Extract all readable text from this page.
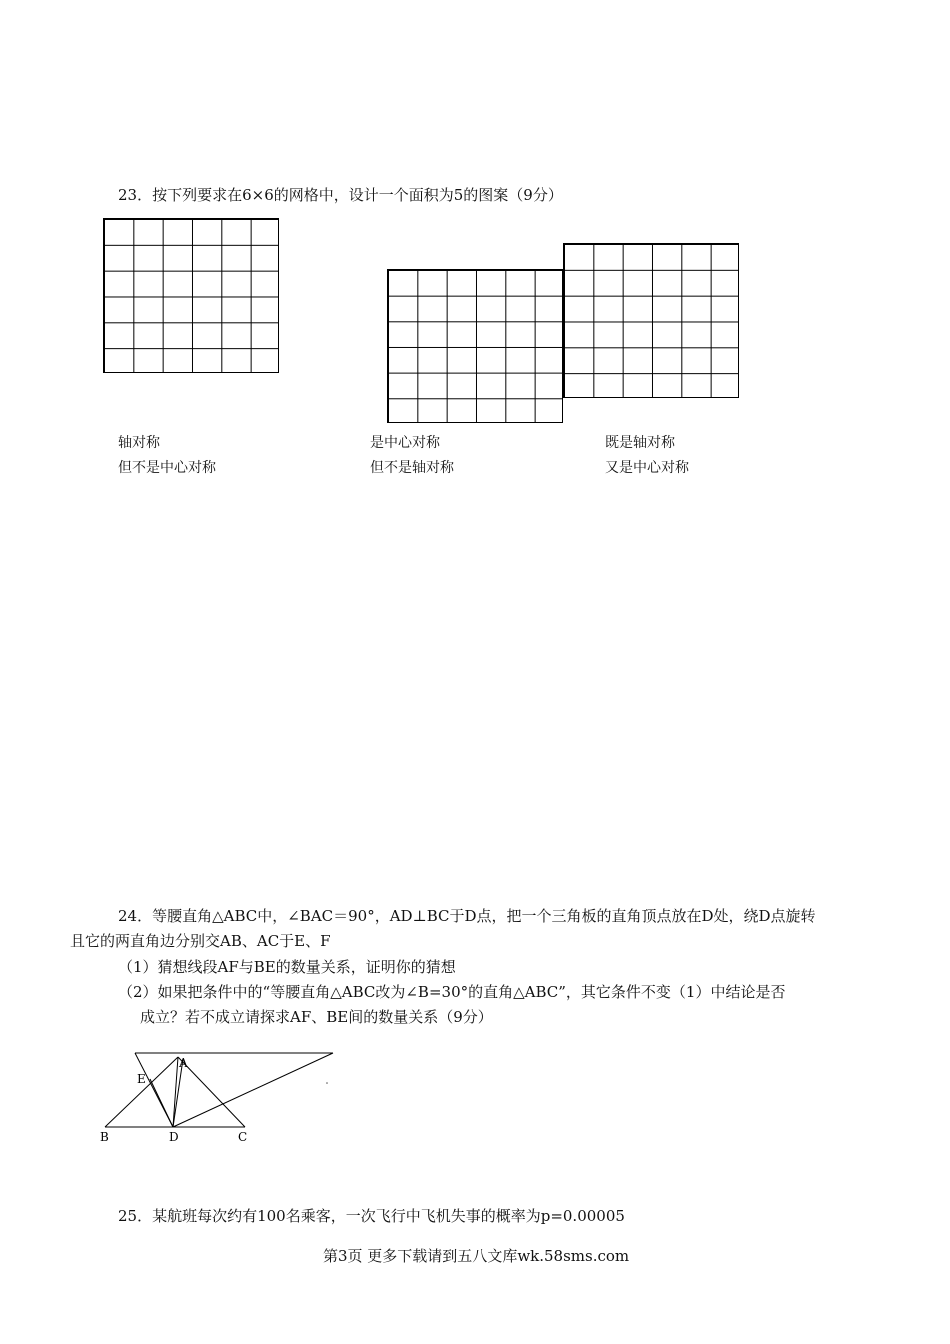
23．按下列要求在6×6的网格中，设计一个面积为5的图案（9分）
轴对称
但不是中心对称
是中心对称
但不是轴对称
既是轴对称
又是中心对称
24．等腰直角△ABC中，∠BAC＝90°，AD⊥BC于D点，把一个三角板的直角顶点放在D处，绕D点旋转
且它的两直角边分别交AB、AC于E、F
（1）猜想线段AF与BE的数量关系，证明你的猜想
（2）如果把条件中的“等腰直角△ABC改为∠B=30°的直角△ABC”，其它条件不变（1）中结论是否
成立？若不成立请探求AF、BE间的数量关系（9分）
A
E
B	D	C
25．某航班每次约有100名乘客，一次飞行中飞机失事的概率为p=0.00005
第3页 更多下载请到五八文库wk.58sms.com
